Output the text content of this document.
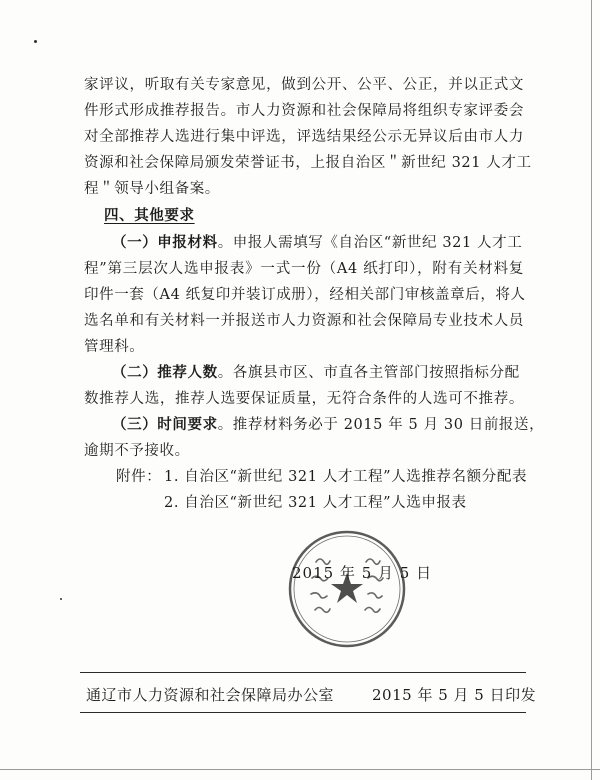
家评议，听取有关专家意见，做到公开、公平、公正，并以正式文
件形式形成推荐报告。市人力资源和社会保障局将组织专家评委会
对全部推荐人选进行集中评选，评选结果经公示无异议后由市人力
资源和社会保障局颁发荣誉证书，上报自治区＂新世纪 321 人才工
程＂领导小组备案。
四、其他要求
（一）申报材料。申报人需填写《自治区“新世纪 321 人才工
程”第三层次人选申报表》一式一份（A4 纸打印），附有关材料复
印件一套（A4 纸复印并装订成册），经相关部门审核盖章后，将人
选名单和有关材料一并报送市人力资源和社会保障局专业技术人员
管理科。
（二）推荐人数。各旗县市区、市直各主管部门按照指标分配
数推荐人选，推荐人选要保证质量，无符合条件的人选可不推荐。
（三）时间要求。推荐材料务必于 2015 年 5 月 30 日前报送，
逾期不予接收。
附件： 1. 自治区“新世纪 321 人才工程”人选推荐名额分配表
2. 自治区“新世纪 321 人才工程”人选申报表
2015 年 5 月 5 日
通辽市人力资源和社会保障局办公室	2015 年 5 月 5 日印发
